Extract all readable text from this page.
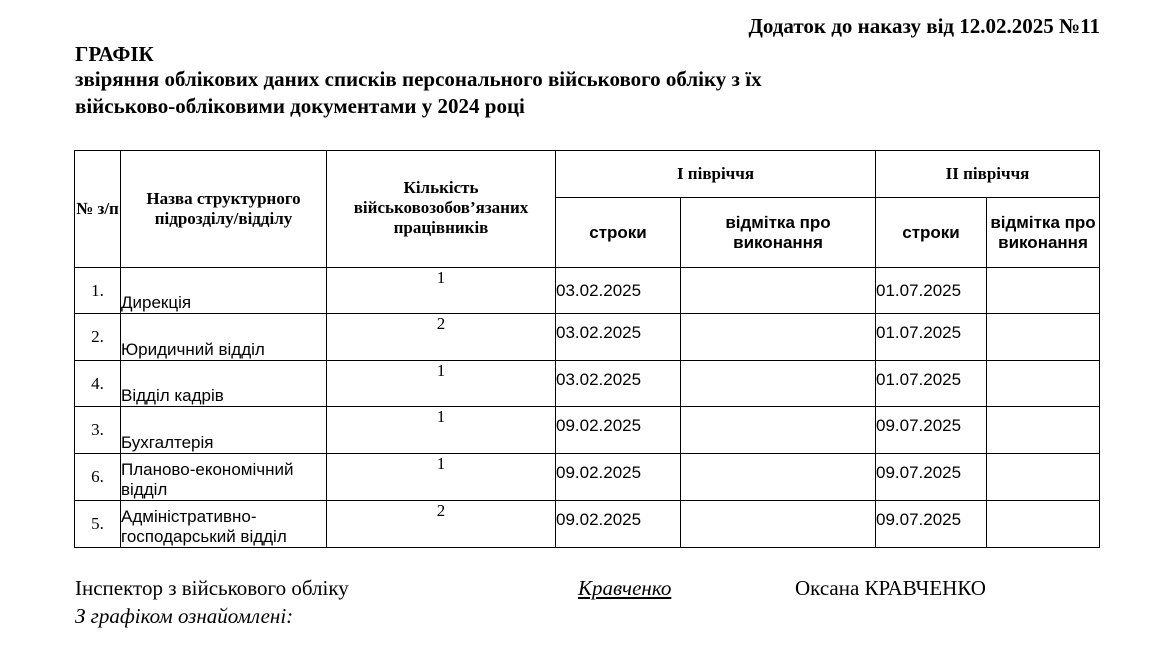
Додаток до наказу від 12.02.2025 №11
ГРАФІК
звіряння облікових даних списків персонального військового обліку з їх
військово-обліковими документами у 2024 році
№ з/п	Назва структурного підрозділу/відділу	Кількість військовозобов’язаних працівників	І півріччя		ІІ півріччя	
			строки	відмітка про виконання	строки	відмітка про виконання
1.	Дирекція	1	03.02.2025		01.07.2025	
2.	Юридичний відділ	2	03.02.2025		01.07.2025	
4.	Відділ кадрів	1	03.02.2025		01.07.2025	
3.	Бухгалтерія	1	09.02.2025		09.07.2025	
6.	Планово-економічний відділ	1	09.02.2025		09.07.2025	
5.	Адміністративно-господарський відділ	2	09.02.2025		09.07.2025	
Інспектор з військового обліку	Кравченко	Оксана КРАВЧЕНКО
З графіком ознайомлені:
